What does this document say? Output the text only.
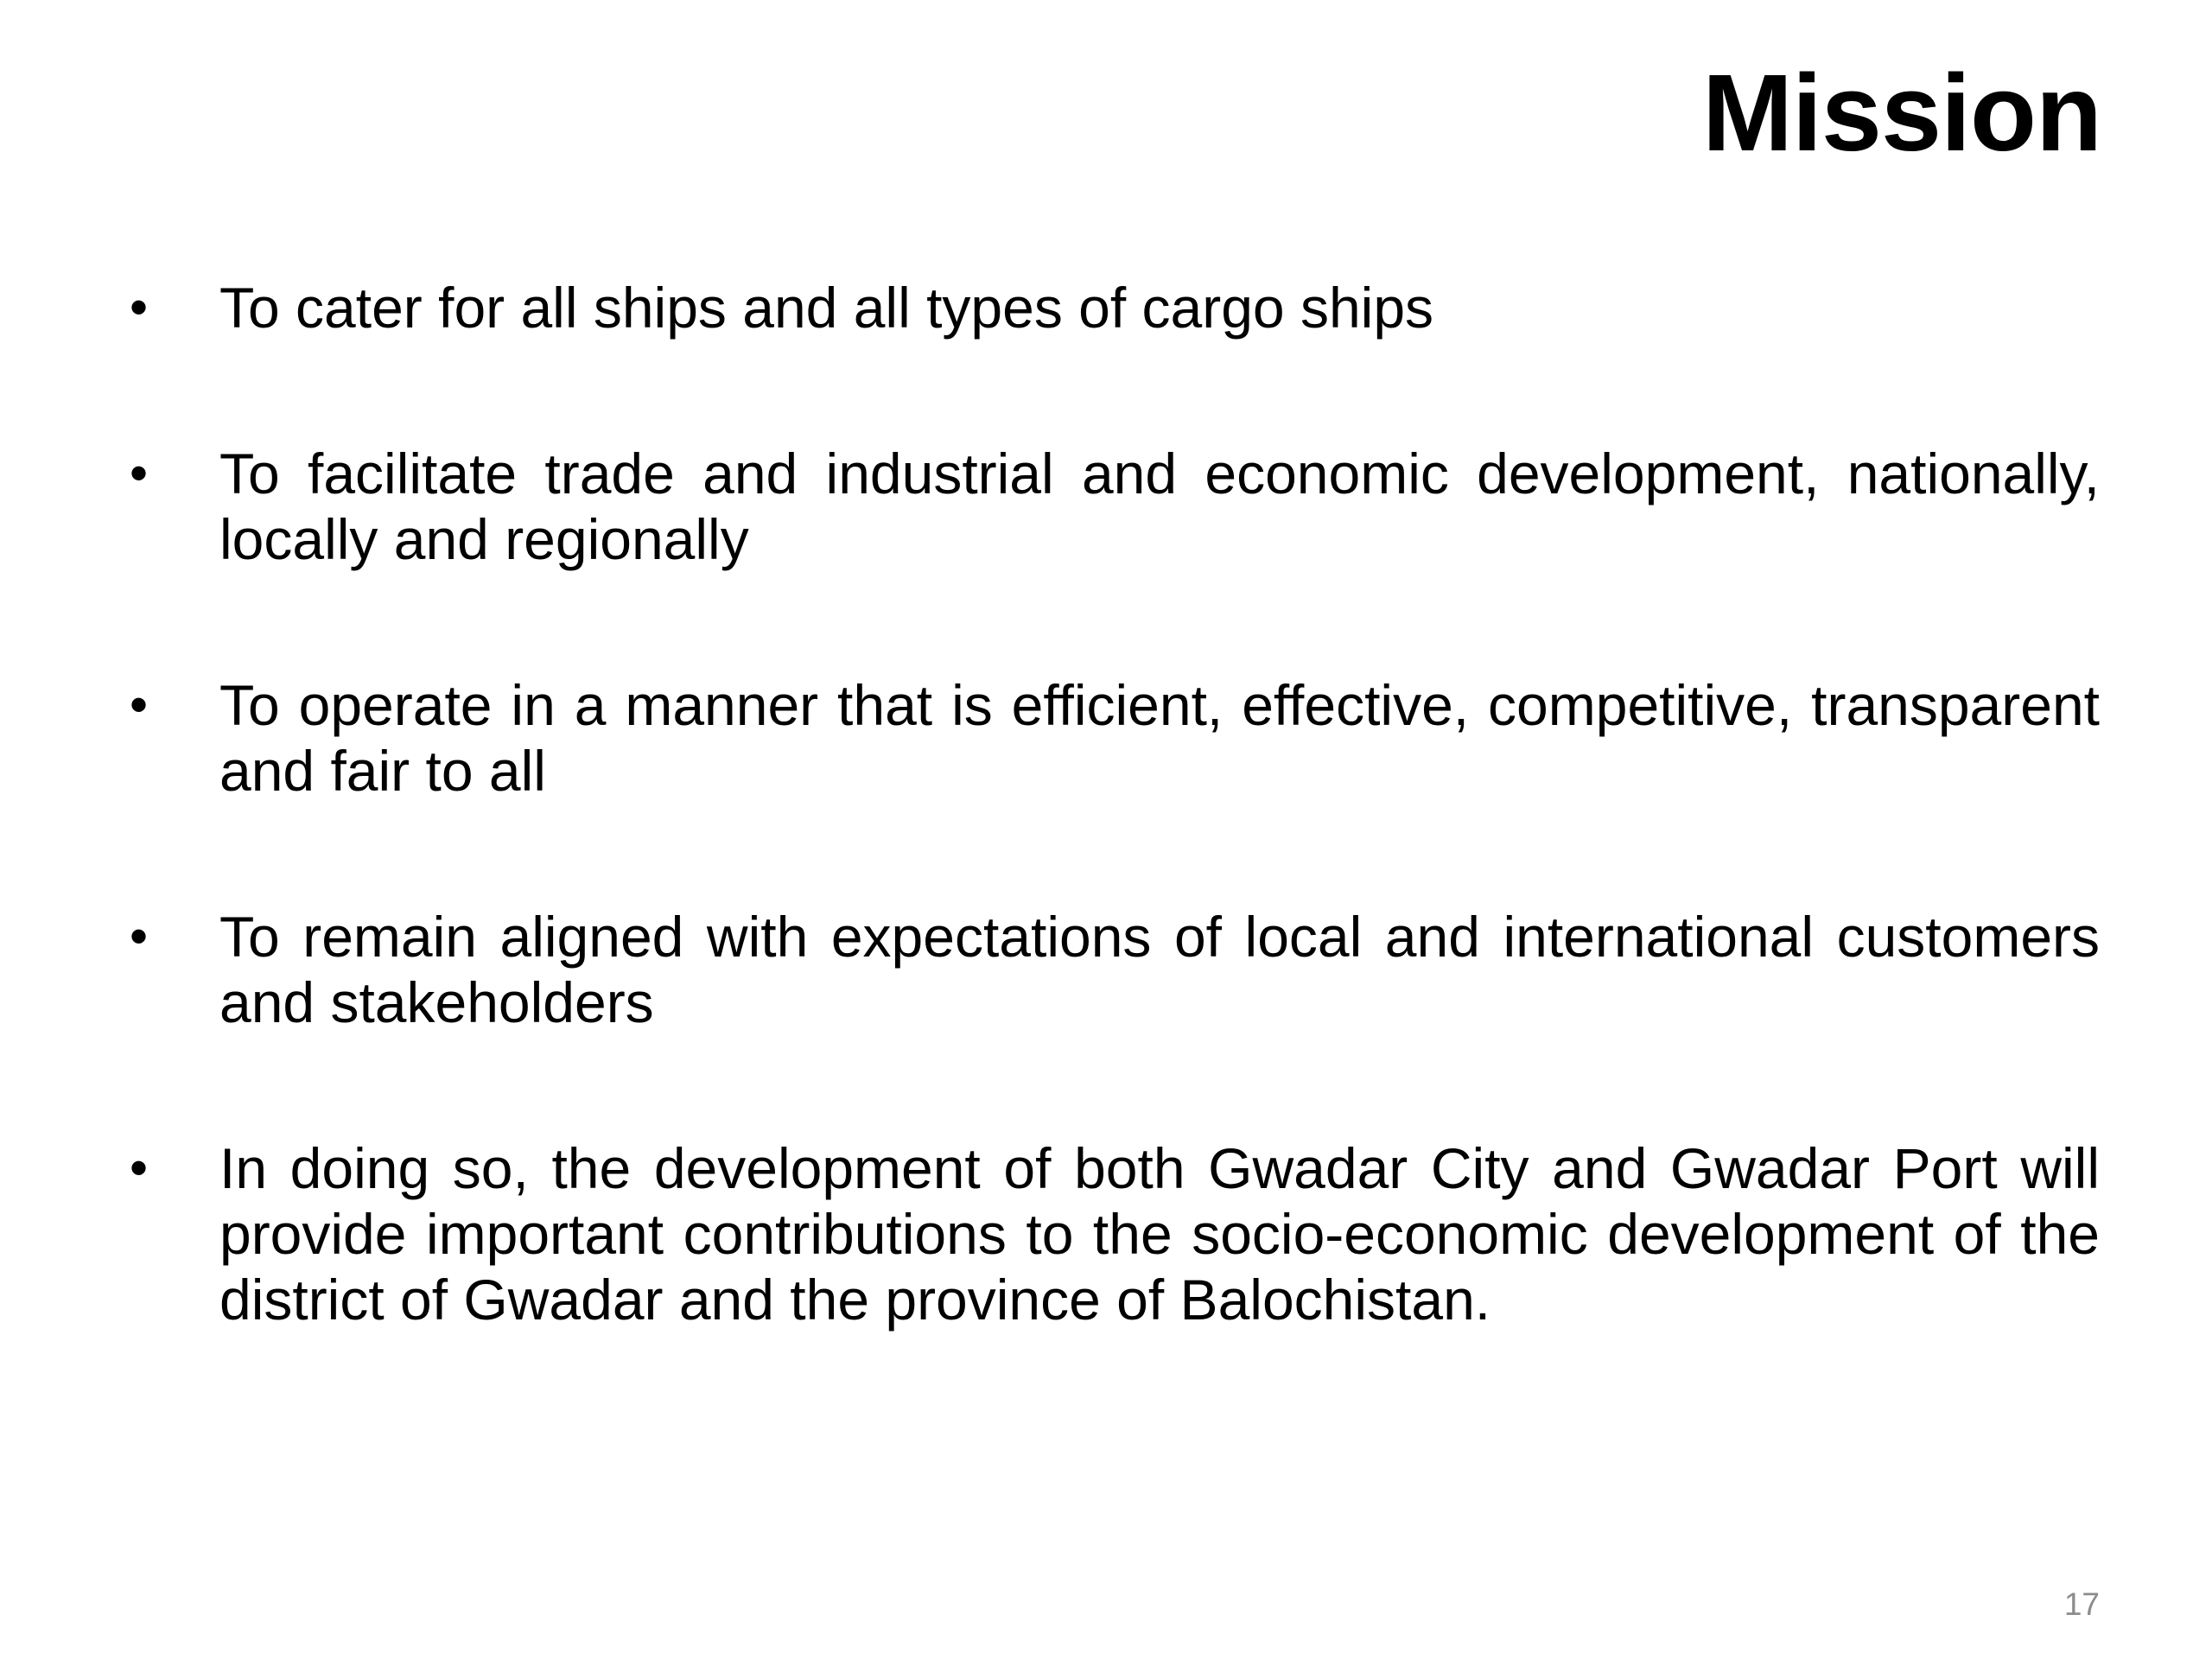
Mission
• To cater for all ships and all types of cargo ships
• To facilitate trade and industrial and economic development, nationally, locally and regionally
• To operate in a manner that is efficient, effective, competitive, transparent and fair to all
• To remain aligned with expectations of local and international customers and stakeholders
• In doing so, the development of both Gwadar City and Gwadar Port will provide important contributions to the socio-economic development of the district of Gwadar and the province of Balochistan.

17
